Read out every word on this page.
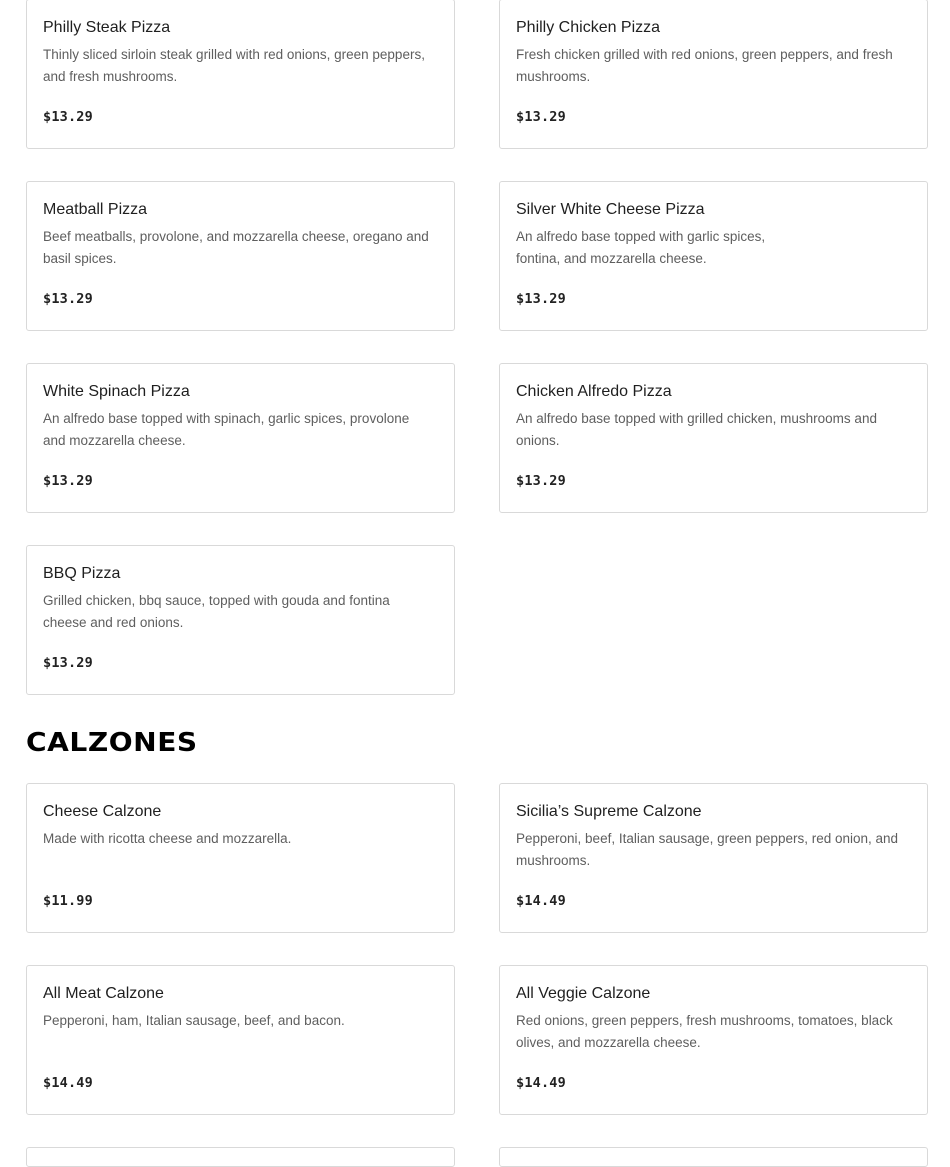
Philly Steak Pizza
Thinly sliced sirloin steak grilled with red onions, green peppers, and fresh mushrooms.
$13.29
Philly Chicken Pizza
Fresh chicken grilled with red onions, green peppers, and fresh mushrooms.
$13.29
Meatball Pizza
Beef meatballs, provolone, and mozzarella cheese, oregano and basil spices.
$13.29
Silver White Cheese Pizza
An alfredo base topped with garlic spices, fontina, and mozzarella cheese.
$13.29
White Spinach Pizza
An alfredo base topped with spinach, garlic spices, provolone and mozzarella cheese.
$13.29
Chicken Alfredo Pizza
An alfredo base topped with grilled chicken, mushrooms and onions.
$13.29
BBQ Pizza
Grilled chicken, bbq sauce, topped with gouda and fontina cheese and red onions.
$13.29
CALZONES
Cheese Calzone
Made with ricotta cheese and mozzarella.
$11.99
Sicilia’s Supreme Calzone
Pepperoni, beef, Italian sausage, green peppers, red onion, and mushrooms.
$14.49
All Meat Calzone
Pepperoni, ham, Italian sausage, beef, and bacon.
$14.49
All Veggie Calzone
Red onions, green peppers, fresh mushrooms, tomatoes, black olives, and mozzarella cheese.
$14.49
